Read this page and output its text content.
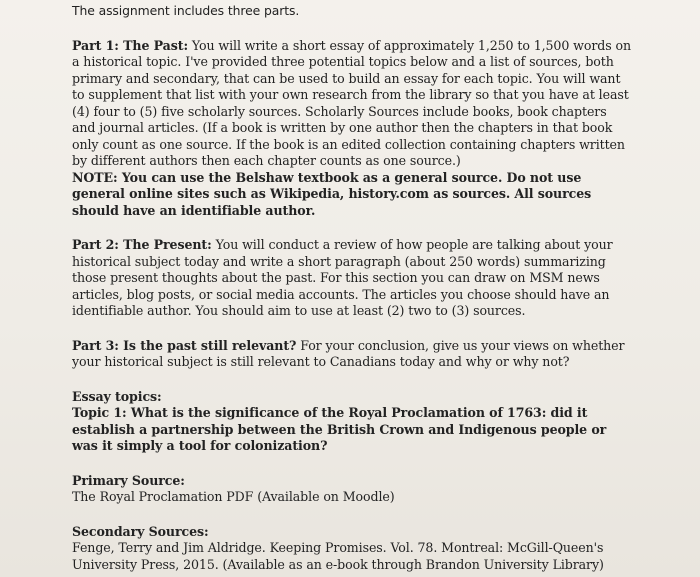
The assignment includes three parts.

Part 1: The Past: You will write a short essay of approximately 1,250 to 1,500 words on a historical topic. I've provided three potential topics below and a list of sources, both primary and secondary, that can be used to build an essay for each topic. You will want to supplement that list with your own research from the library so that you have at least (4) four to (5) five scholarly sources. Scholarly Sources include books, book chapters and journal articles. (If a book is written by one author then the chapters in that book only count as one source. If the book is an edited collection containing chapters written by different authors then each chapter counts as one source.)

NOTE: You can use the Belshaw textbook as a general source. Do not use general online sites such as Wikipedia, history.com as sources. All sources should have an identifiable author.

Part 2: The Present: You will conduct a review of how people are talking about your historical subject today and write a short paragraph (about 250 words) summarizing those present thoughts about the past. For this section you can draw on MSM news articles, blog posts, or social media accounts. The articles you choose should have an identifiable author. You should aim to use at least (2) two to (3) sources.

Part 3: Is the past still relevant? For your conclusion, give us your views on whether your historical subject is still relevant to Canadians today and why or why not?

Essay topics:

Topic 1: What is the significance of the Royal Proclamation of 1763: did it establish a partnership between the British Crown and Indigenous people or was it simply a tool for colonization?

Primary Source:

The Royal Proclamation PDF (Available on Moodle)

Secondary Sources:

Fenge, Terry and Jim Aldridge. Keeping Promises. Vol. 78. Montreal: McGill-Queen's University Press, 2015. (Available as an e-book through Brandon University Library)
